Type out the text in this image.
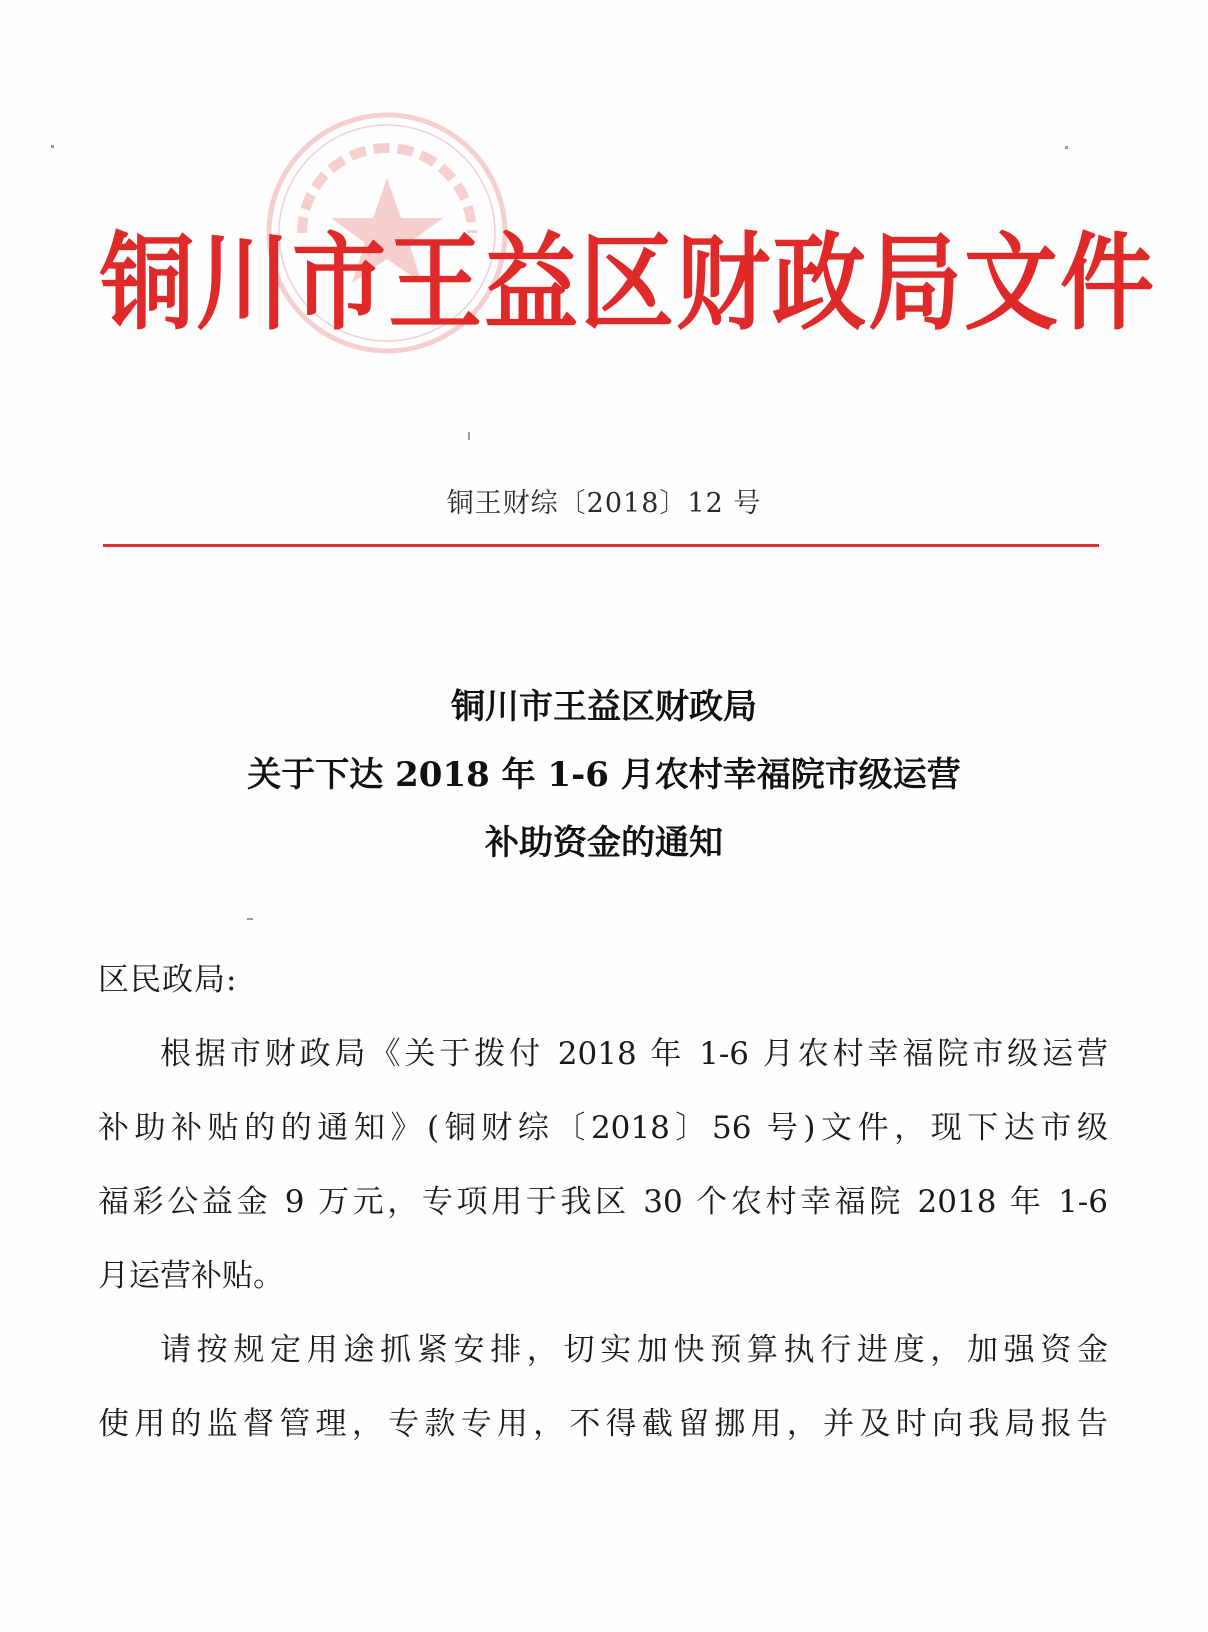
铜川市王益区财政局文件
铜王财综〔2018〕12 号
铜川市王益区财政局
关于下达 2018 年 1-6 月农村幸福院市级运营
补助资金的通知
区民政局:
根据市财政局《关于拨付 2018 年 1-6 月农村幸福院市级运营
补助补贴的的通知》(铜财综〔2018〕56 号)文件，现下达市级
福彩公益金 9 万元，专项用于我区 30 个农村幸福院 2018 年 1-6
月运营补贴。
请按规定用途抓紧安排，切实加快预算执行进度，加强资金
使用的监督管理，专款专用，不得截留挪用，并及时向我局报告
